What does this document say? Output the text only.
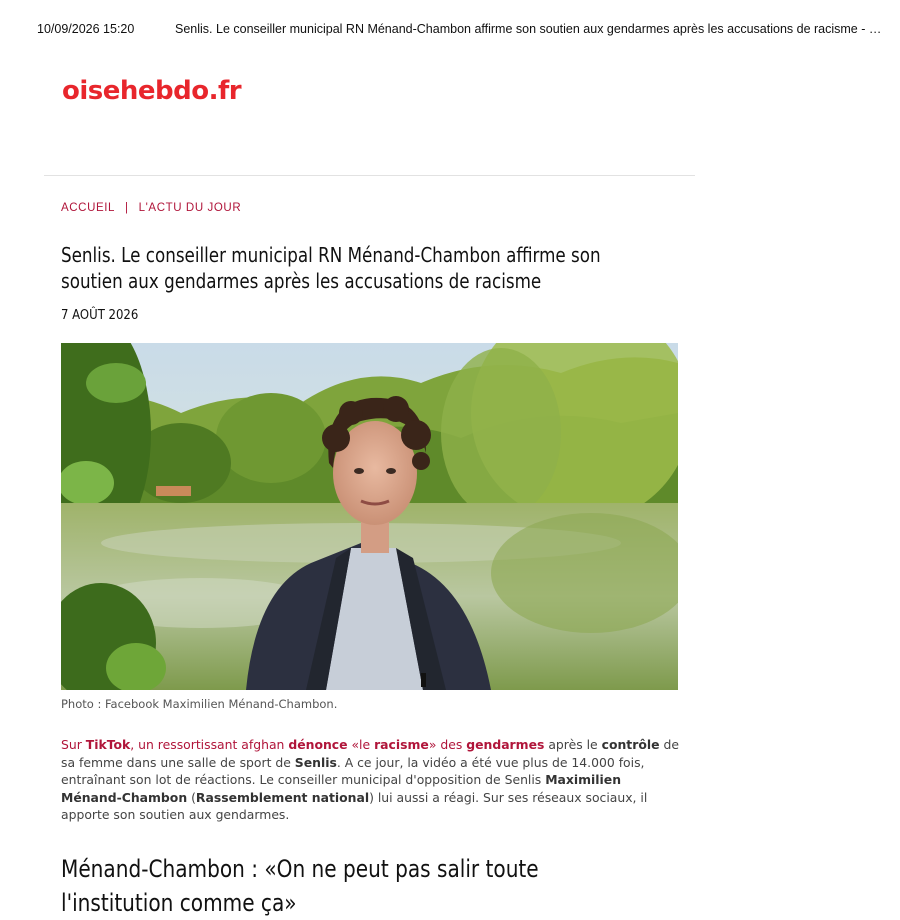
10/09/2026 15:20	Senlis. Le conseiller municipal RN Ménand-Chambon affirme son soutien aux gendarmes après les accusations de racisme - …
oisehebdo.fr
ACCUEIL | L'ACTU DU JOUR
Senlis. Le conseiller municipal RN Ménand-Chambon affirme son soutien aux gendarmes après les accusations de racisme
7 AOÛT 2026
Photo : Facebook Maximilien Ménand-Chambon.

Sur TikTok, un ressortissant afghan dénonce «le racisme» des gendarmes après le contrôle de sa femme dans une salle de sport de Senlis. A ce jour, la vidéo a été vue plus de 14.000 fois, entraînant son lot de réactions. Le conseiller municipal d'opposition de Senlis Maximilien Ménand-Chambon (Rassemblement national) lui aussi a réagi. Sur ses réseaux sociaux, il apporte son soutien aux gendarmes.

Ménand-Chambon : «On ne peut pas salir toute l'institution comme ça»
